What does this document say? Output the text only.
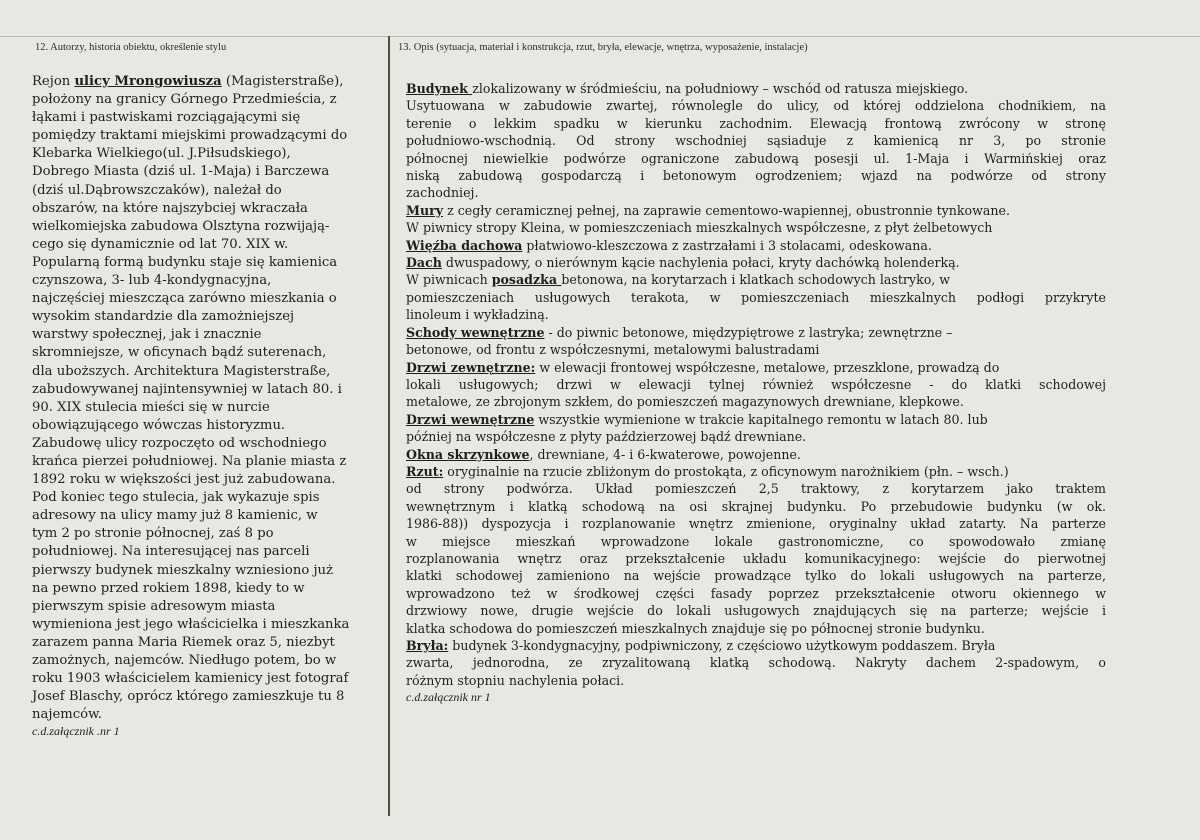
12. Autorzy, historia obiektu, określenie stylu	13. Opis (sytuacja, materiał i konstrukcja, rzut, bryła, elewacje, wnętrza, wyposażenie, instalacje)
Rejon ulicy Mrongowiusza (Magisterstraße),
położony na granicy Górnego Przedmieścia, z
łąkami i pastwiskami rozciągającymi się
pomiędzy traktami miejskimi prowadzącymi do
Klebarka Wielkiego(ul. J.Piłsudskiego),
Dobrego Miasta (dziś ul. 1-Maja) i Barczewa
(dziś ul.Dąbrowszczaków), należał do
obszarów, na które najszybciej wkraczała
wielkomiejska zabudowa Olsztyna rozwijają-
cego się dynamicznie od lat 70. XIX w.
Popularną formą budynku staje się kamienica
czynszowa, 3- lub 4-kondygnacyjna,
najczęściej mieszcząca zarówno mieszkania o
wysokim standardzie dla zamożniejszej
warstwy społecznej, jak i znacznie
skromniejsze, w oficynach bądź suterenach,
dla uboższych. Architektura Magisterstraße,
zabudowywanej najintensywniej w latach 80. i
90. XIX stulecia mieści się w nurcie
obowiązującego wówczas historyzmu.
Zabudowę ulicy rozpoczęto od wschodniego
krańca pierzei południowej. Na planie miasta z
1892 roku w większości jest już zabudowana.
Pod koniec tego stulecia, jak wykazuje spis
adresowy na ulicy mamy już 8 kamienic, w
tym 2 po stronie północnej, zaś 8 po
południowej. Na interesującej nas parceli
pierwszy budynek mieszkalny wzniesiono już
na pewno przed rokiem 1898, kiedy to w
pierwszym spisie adresowym miasta
wymieniona jest jego właścicielka i mieszkanka
zarazem panna Maria Riemek oraz 5, niezbyt
zamożnych, najemców. Niedługo potem, bo w
roku 1903 właścicielem kamienicy jest fotograf
Josef Blaschy, oprócz którego zamieszkuje tu 8
najemców.
c.d.załącznik .nr 1
Budynek zlokalizowany w śródmieściu, na południowy – wschód od ratusza miejskiego.
Usytuowana w zabudowie zwartej, równolegle do ulicy, od której oddzielona chodnikiem, na
terenie o lekkim spadku w kierunku zachodnim. Elewacją frontową zwrócony w stronę
południowo-wschodnią. Od strony wschodniej sąsiaduje z kamienicą nr 3, po stronie
północnej niewielkie podwórze ograniczone zabudową posesji ul. 1-Maja i Warmińskiej oraz
niską zabudową gospodarczą i betonowym ogrodzeniem; wjazd na podwórze od strony
zachodniej.
Mury z cegły ceramicznej pełnej, na zaprawie cementowo-wapiennej, obustronnie tynkowane.
W piwnicy stropy Kleina, w pomieszczeniach mieszkalnych współczesne, z płyt żelbetowych
Więźba dachowa płatwiowo-kleszczowa z zastrzałami i 3 stolacami, odeskowana.
Dach dwuspadowy, o nierównym kącie nachylenia połaci, kryty dachówką holenderką.
W piwnicach posadzka betonowa, na korytarzach i klatkach schodowych lastryko, w
pomieszczeniach usługowych terakota, w pomieszczeniach mieszkalnych podłogi przykryte
linoleum i wykładziną.
Schody wewnętrzne - do piwnic betonowe, międzypiętrowe z lastryka; zewnętrzne –
betonowe, od frontu z współczesnymi, metalowymi balustradami
Drzwi zewnętrzne: w elewacji frontowej współczesne, metalowe, przeszklone, prowadzą do
lokali usługowych; drzwi w elewacji tylnej również współczesne - do klatki schodowej
metalowe, ze zbrojonym szkłem, do pomieszczeń magazynowych drewniane, klepkowe.
Drzwi wewnętrzne wszystkie wymienione w trakcie kapitalnego remontu w latach 80. lub
później na współczesne z płyty paździerzowej bądź drewniane.
Okna skrzynkowe, drewniane, 4- i 6-kwaterowe, powojenne.
Rzut: oryginalnie na rzucie zbliżonym do prostokąta, z oficynowym narożnikiem (płn. – wsch.)
od strony podwórza. Układ pomieszczeń 2,5 traktowy, z korytarzem jako traktem
wewnętrznym i klatką schodową na osi skrajnej budynku. Po przebudowie budynku (w ok.
1986-88)) dyspozycja i rozplanowanie wnętrz zmienione, oryginalny układ zatarty. Na parterze
w miejsce mieszkań wprowadzone lokale gastronomiczne, co spowodowało zmianę
rozplanowania wnętrz oraz przekształcenie układu komunikacyjnego: wejście do pierwotnej
klatki schodowej zamieniono na wejście prowadzące tylko do lokali usługowych na parterze,
wprowadzono też w środkowej części fasady poprzez przekształcenie otworu okiennego w
drzwiowy nowe, drugie wejście do lokali usługowych znajdujących się na parterze; wejście i
klatka schodowa do pomieszczeń mieszkalnych znajduje się po północnej stronie budynku.
Bryła: budynek 3-kondygnacyjny, podpiwniczony, z częściowo użytkowym poddaszem. Bryła
zwarta, jednorodna, ze zryzalitowaną klatką schodową. Nakryty dachem 2-spadowym, o
różnym stopniu nachylenia połaci.
c.d.załącznik nr 1
